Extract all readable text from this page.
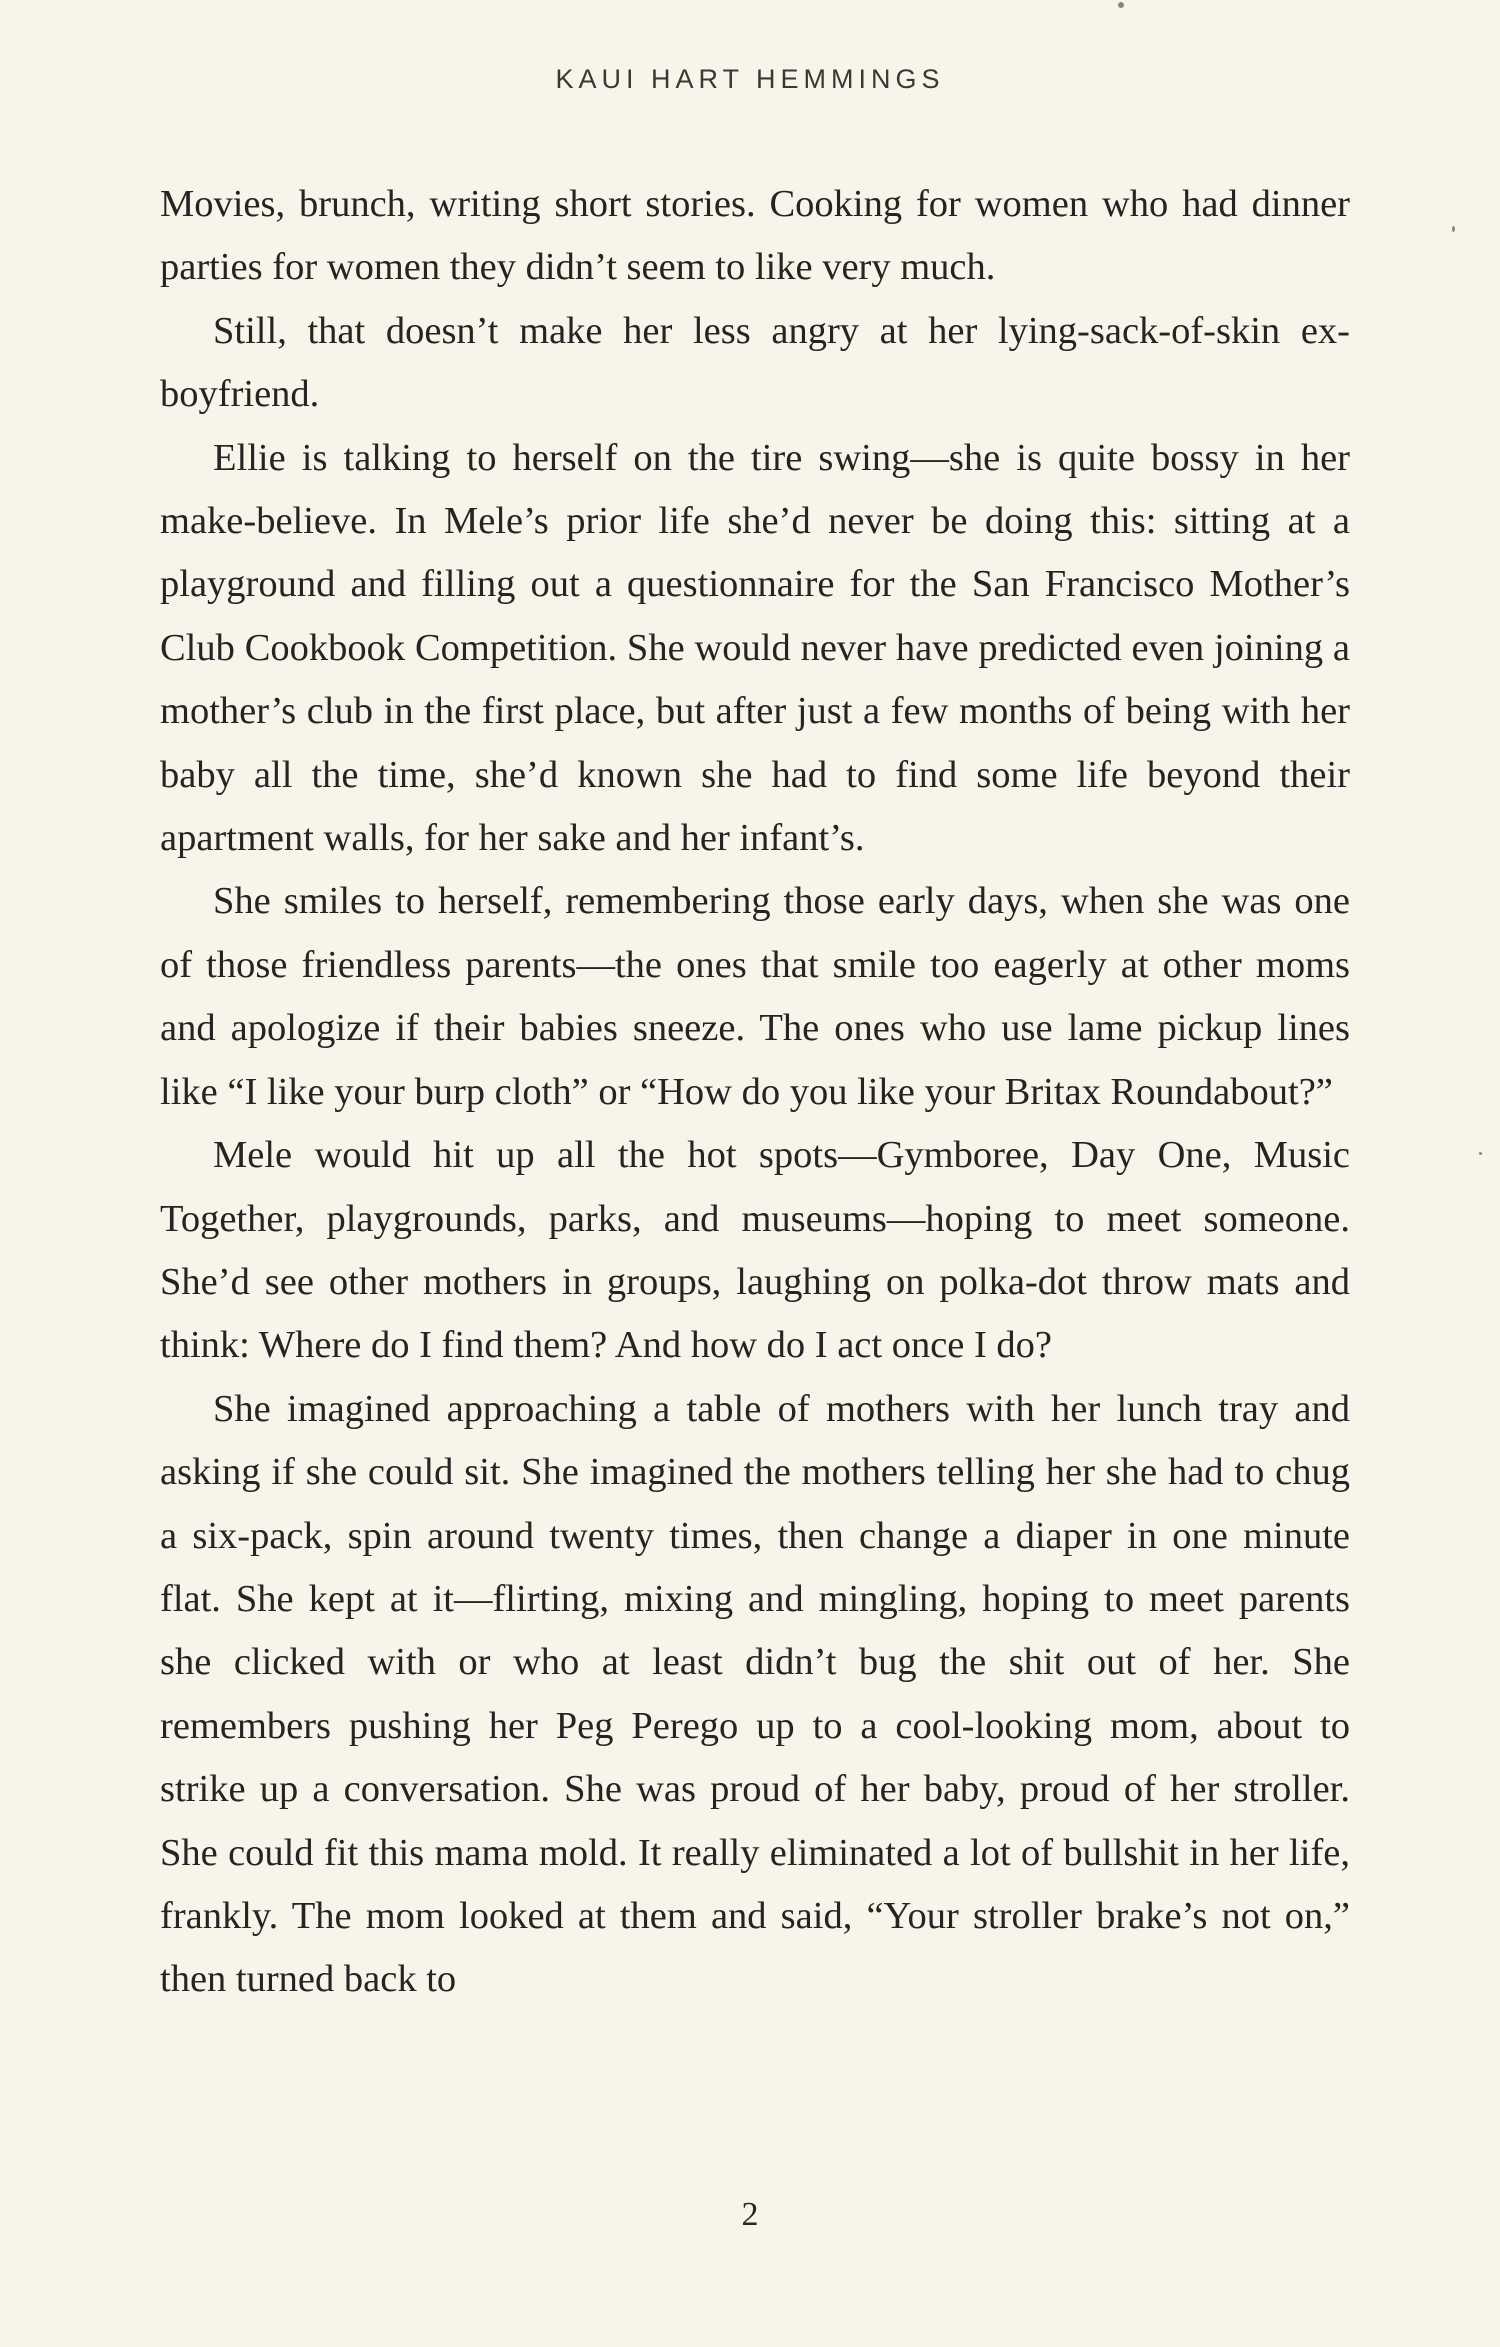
KAUI HART HEMMINGS

Movies, brunch, writing short stories. Cooking for women who had dinner parties for women they didn’t seem to like very much.

Still, that doesn’t make her less angry at her lying-sack-of-skin ex-boyfriend.

Ellie is talking to herself on the tire swing—she is quite bossy in her make-believe. In Mele’s prior life she’d never be doing this: sitting at a playground and filling out a questionnaire for the San Francisco Mother’s Club Cookbook Competition. She would never have predicted even joining a mother’s club in the first place, but after just a few months of being with her baby all the time, she’d known she had to find some life beyond their apartment walls, for her sake and her infant’s.

She smiles to herself, remembering those early days, when she was one of those friendless parents—the ones that smile too eagerly at other moms and apologize if their babies sneeze. The ones who use lame pickup lines like “I like your burp cloth” or “How do you like your Britax Roundabout?”

Mele would hit up all the hot spots—Gymboree, Day One, Music Together, playgrounds, parks, and museums—hoping to meet someone. She’d see other mothers in groups, laughing on polka-dot throw mats and think: Where do I find them? And how do I act once I do?

She imagined approaching a table of mothers with her lunch tray and asking if she could sit. She imagined the mothers telling her she had to chug a six-pack, spin around twenty times, then change a diaper in one minute flat. She kept at it—flirting, mixing and mingling, hoping to meet parents she clicked with or who at least didn’t bug the shit out of her. She remembers pushing her Peg Perego up to a cool-looking mom, about to strike up a conversation. She was proud of her baby, proud of her stroller. She could fit this mama mold. It really eliminated a lot of bullshit in her life, frankly. The mom looked at them and said, “Your stroller brake’s not on,” then turned back to

2
